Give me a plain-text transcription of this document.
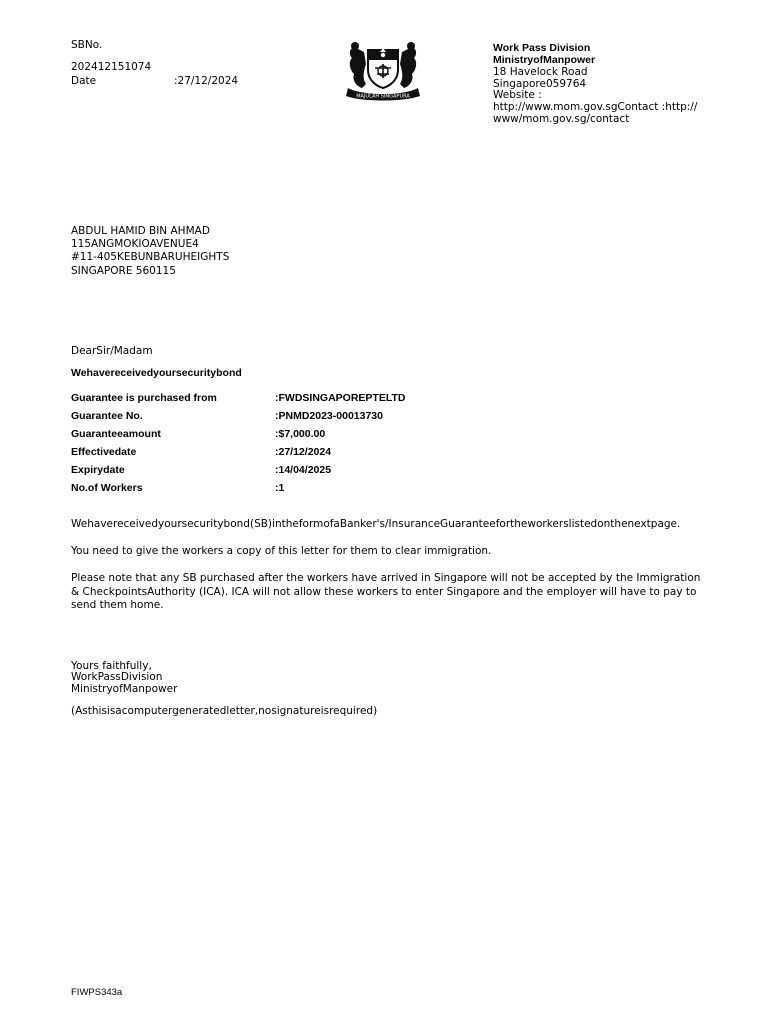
SBNo.
202412151074
Date	:27/12/2024
MAJULAH SINGAPURA
Work Pass Division
MinistryofManpower
18 Havelock Road
Singapore059764
Website :
http://www.mom.gov.sgContact :http://
www/mom.gov.sg/contact
ABDUL HAMID BIN AHMAD
115ANGMOKIOAVENUE4
#11-405KEBUNBARUHEIGHTS
SINGAPORE 560115
DearSir/Madam
Wehavereceivedyoursecuritybond
Guarantee is purchased from	:FWDSINGAPOREPTELTD
Guarantee No.	:PNMD2023-00013730
Guaranteeamount	:$7,000.00
Effectivedate	:27/12/2024
Expirydate	:14/04/2025
No.of Workers	:1
Wehavereceivedyoursecuritybond(SB)intheformofaBanker's/InsuranceGuaranteefortheworkerslistedonthenextpage.
You need to give the workers a copy of this letter for them to clear immigration.
Please note that any SB purchased after the workers have arrived in Singapore will not be accepted by the Immigration & CheckpointsAuthority (ICA). ICA will not allow these workers to enter Singapore and the employer will have to pay to send them home.
Yours faithfully,
WorkPassDivision
MinistryofManpower
(Asthisisacomputergeneratedletter,nosignatureisrequired)
FIWPS343a
